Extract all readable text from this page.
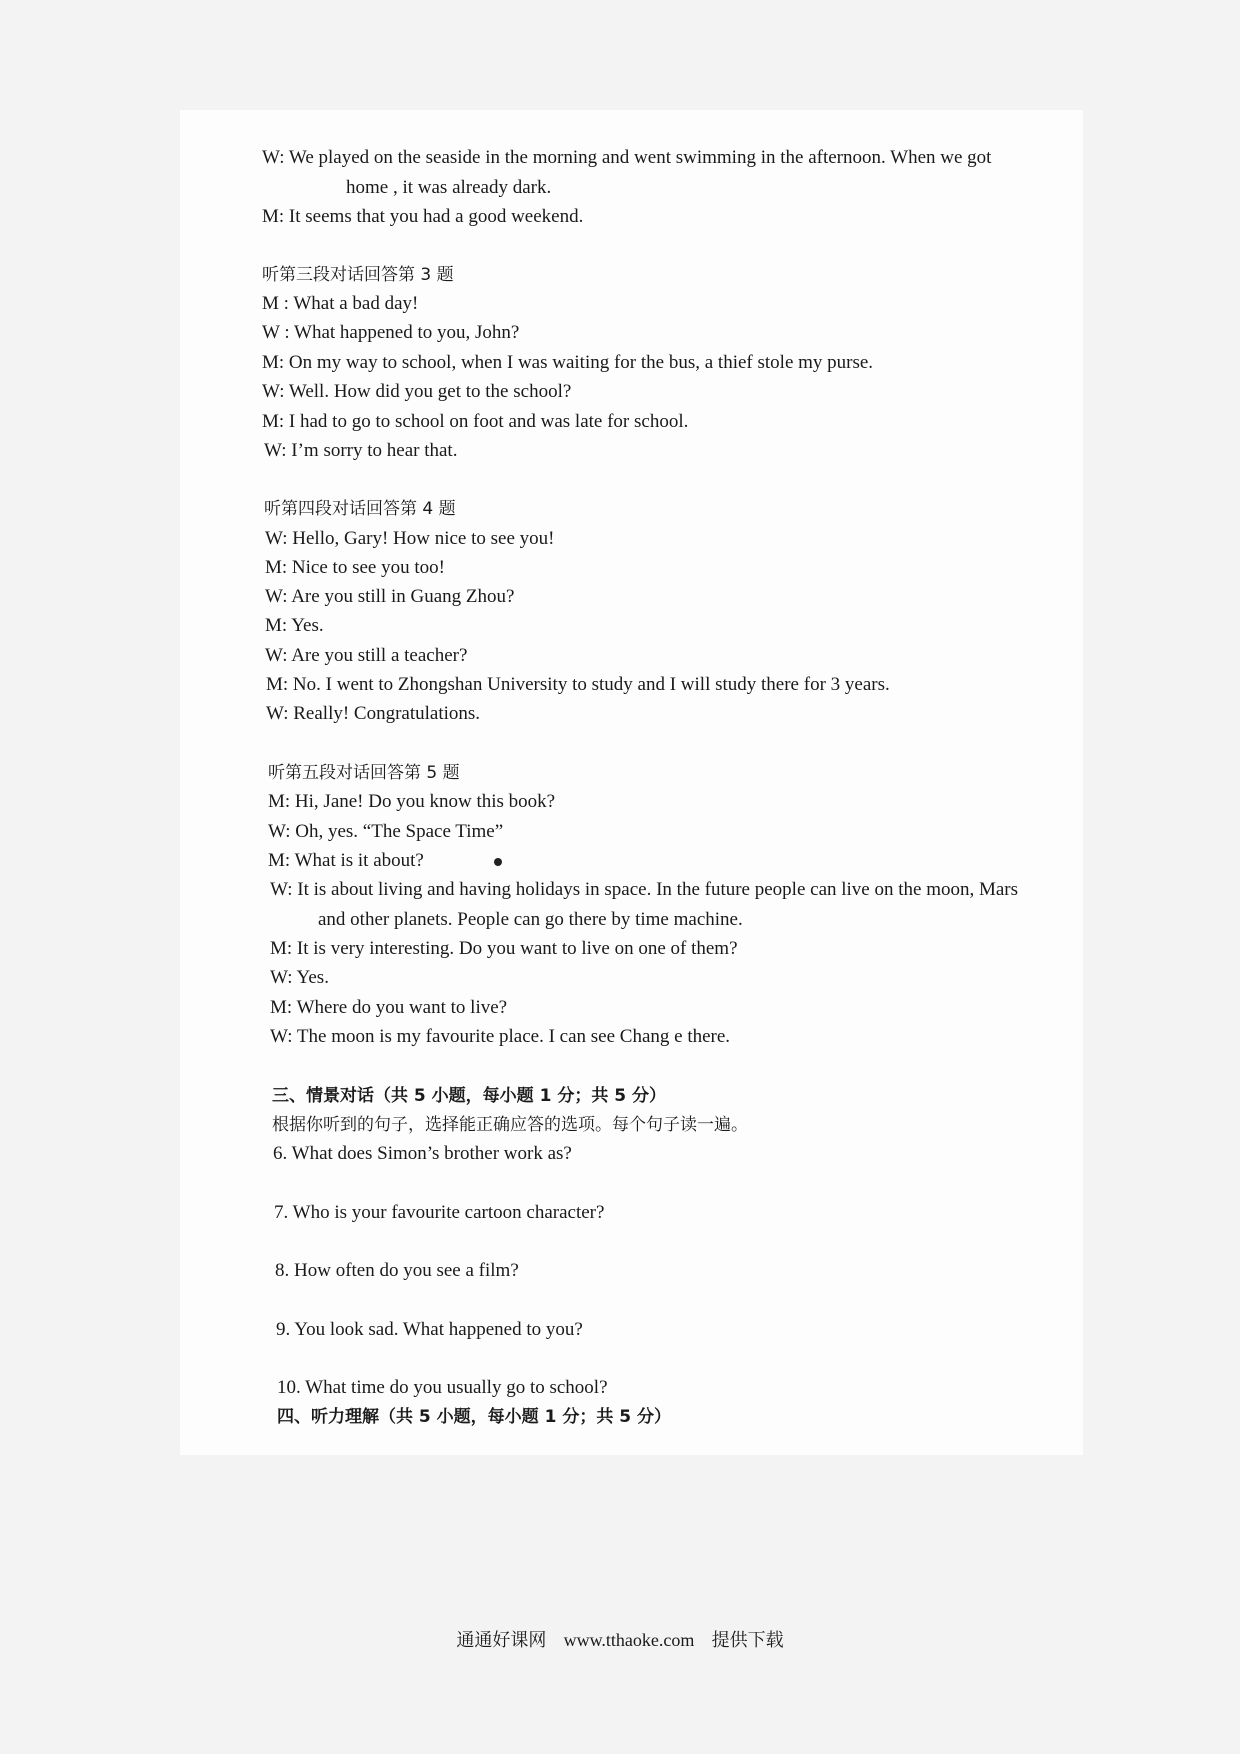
W: We played on the seaside in the morning and went swimming in the afternoon. When we got
home , it was already dark.
M: It seems that you had a good weekend.
听第三段对话回答第 3 题
M : What a bad day!
W : What happened to you, John?
M: On my way to school, when I was waiting for the bus, a thief stole my purse.
W: Well. How did you get to the school?
M: I had to go to school on foot and was late for school.
W: I’m sorry to hear that.
听第四段对话回答第 4 题
W: Hello, Gary! How nice to see you!
M: Nice to see you too!
W: Are you still in Guang Zhou?
M: Yes.
W: Are you still a teacher?
M: No. I went to Zhongshan University to study and I will study there for 3 years.
W: Really! Congratulations.
听第五段对话回答第 5 题
M: Hi, Jane! Do you know this book?
W: Oh, yes. “The Space Time”
M: What is it about?
W: It is about living and having holidays in space. In the future people can live on the moon, Mars
and other planets. People can go there by time machine.
M: It is very interesting. Do you want to live on one of them?
W: Yes.
M: Where do you want to live?
W: The moon is my favourite place. I can see Chang e there.
三、情景对话（共 5 小题，每小题 1 分；共 5 分）
根据你听到的句子，选择能正确应答的选项。每个句子读一遍。
6. What does Simon’s brother work as?
7. Who is your favourite cartoon character?
8. How often do you see a film?
9. You look sad. What happened to you?
10. What time do you usually go to school?
四、听力理解（共 5 小题，每小题 1 分；共 5 分）
通通好课网 www.tthaoke.com 提供下载
